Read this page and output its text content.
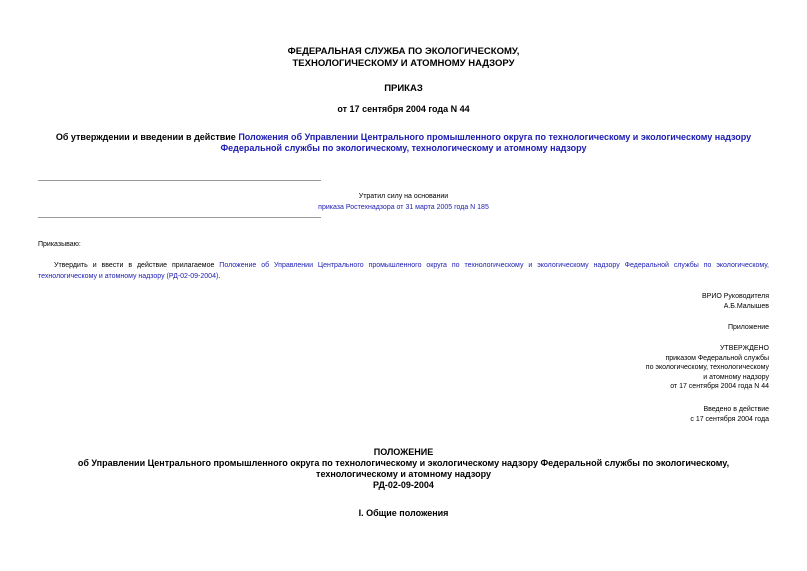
ФЕДЕРАЛЬНАЯ СЛУЖБА ПО ЭКОЛОГИЧЕСКОМУ,
ТЕХНОЛОГИЧЕСКОМУ И АТОМНОМУ НАДЗОРУ
ПРИКАЗ
от 17 сентября 2004 года N 44
Об утверждении и введении в действие Положения об Управлении Центрального промышленного округа по технологическому и экологическому надзору Федеральной службы по экологическому, технологическому и атомному надзору
Утратил силу на основании
приказа Ростехнадзора от 31 марта 2005 года N 185
Приказываю:
Утвердить и ввести в действие прилагаемое Положение об Управлении Центрального промышленного округа по технологическому и экологическому надзору Федеральной службы по экологическому, технологическому и атомному надзору (РД-02-09-2004).
ВРИО Руководителя
А.Б.Малышев
Приложение
УТВЕРЖДЕНО
приказом Федеральной службы
по экологическому, технологическому
и атомному надзору
от 17 сентября 2004 года N 44
Введено в действие
с 17 сентября 2004 года
ПОЛОЖЕНИЕ
об Управлении Центрального промышленного округа по технологическому и экологическому надзору Федеральной службы по экологическому, технологическому и атомному надзору
РД-02-09-2004
I. Общие положения
